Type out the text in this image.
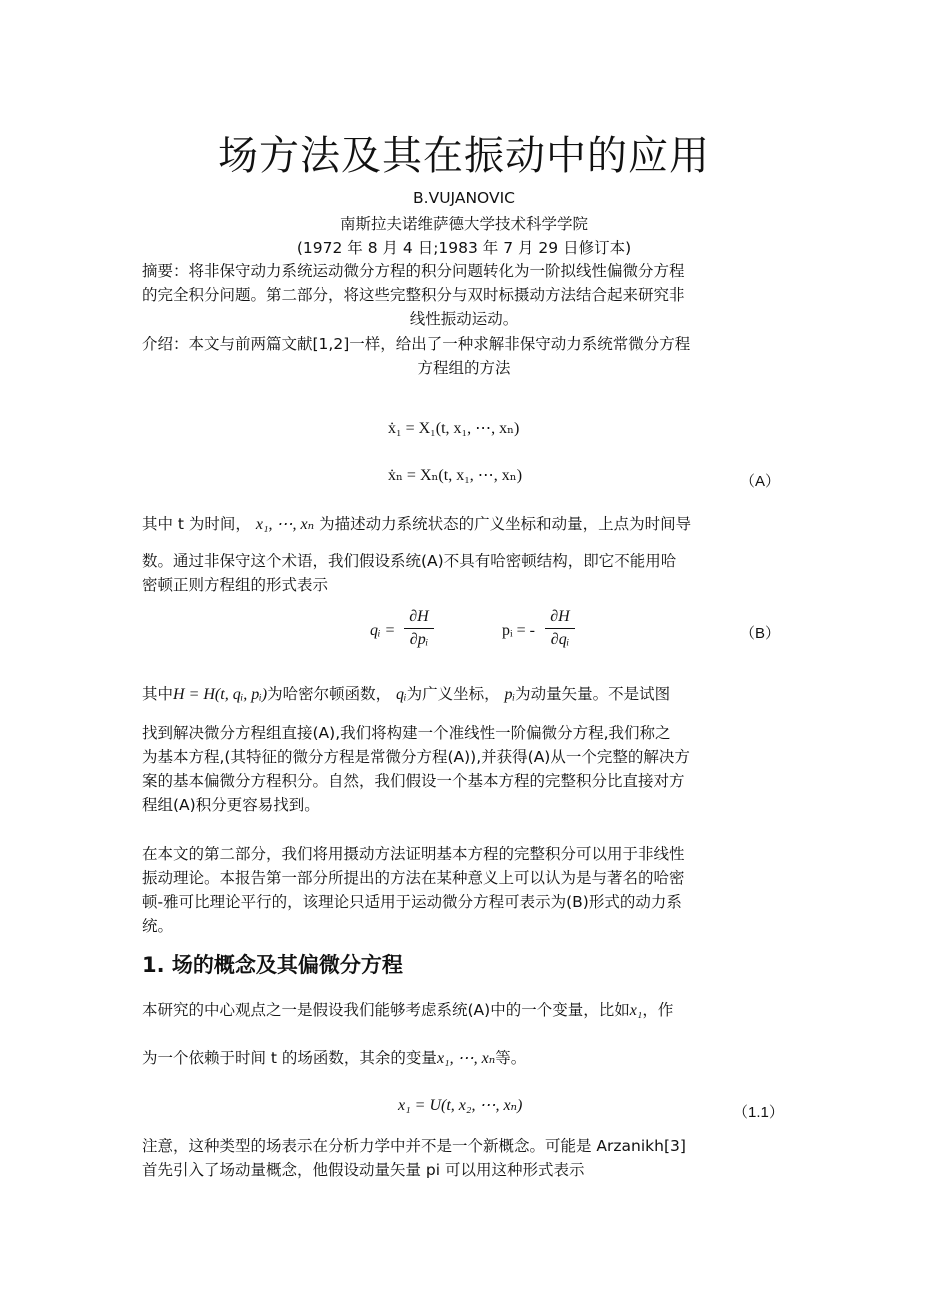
场方法及其在振动中的应用
B.VUJANOVIC
南斯拉夫诺维萨德大学技术科学学院
(1972 年 8 月 4 日;1983 年 7 月 29 日修订本)
摘要：将非保守动力系统运动微分方程的积分问题转化为一阶拟线性偏微分方程
的完全积分问题。第二部分，将这些完整积分与双时标摄动方法结合起来研究非
线性振动运动。
介绍：本文与前两篇文献[1,2]一样，给出了一种求解非保守动力系统常微分方程
方程组的方法
ẋ₁ = X₁(t, x₁, ⋯, xₙ)
ẋₙ = Xₙ(t, x₁, ⋯, xₙ)	（A）
其中 t 为时间， x₁, ⋯, xₙ 为描述动力系统状态的广义坐标和动量，上点为时间导
数。通过非保守这个术语，我们假设系统(A)不具有哈密顿结构，即它不能用哈
密顿正则方程组的形式表示
qᵢ =
∂H
∂pᵢ
pᵢ = -
∂H
∂qᵢ	（B）
其中H = H(t, qᵢ, pᵢ)为哈密尔顿函数， qᵢ为广义坐标， pᵢ为动量矢量。不是试图
找到解决微分方程组直接(A),我们将构建一个准线性一阶偏微分方程,我们称之
为基本方程,(其特征的微分方程是常微分方程(A)),并获得(A)从一个完整的解决方
案的基本偏微分方程积分。自然，我们假设一个基本方程的完整积分比直接对方
程组(A)积分更容易找到。
在本文的第二部分，我们将用摄动方法证明基本方程的完整积分可以用于非线性
振动理论。本报告第一部分所提出的方法在某种意义上可以认为是与著名的哈密
顿-雅可比理论平行的，该理论只适用于运动微分方程可表示为(B)形式的动力系
统。
1. 场的概念及其偏微分方程
本研究的中心观点之一是假设我们能够考虑系统(A)中的一个变量，比如x₁，作
为一个依赖于时间 t 的场函数，其余的变量x₁, ⋯, xₙ等。
x₁ = U(t, x₂, ⋯, xₙ)	（1.1）
注意，这种类型的场表示在分析力学中并不是一个新概念。可能是 Arzanikh[3]
首先引入了场动量概念，他假设动量矢量 pi 可以用这种形式表示
